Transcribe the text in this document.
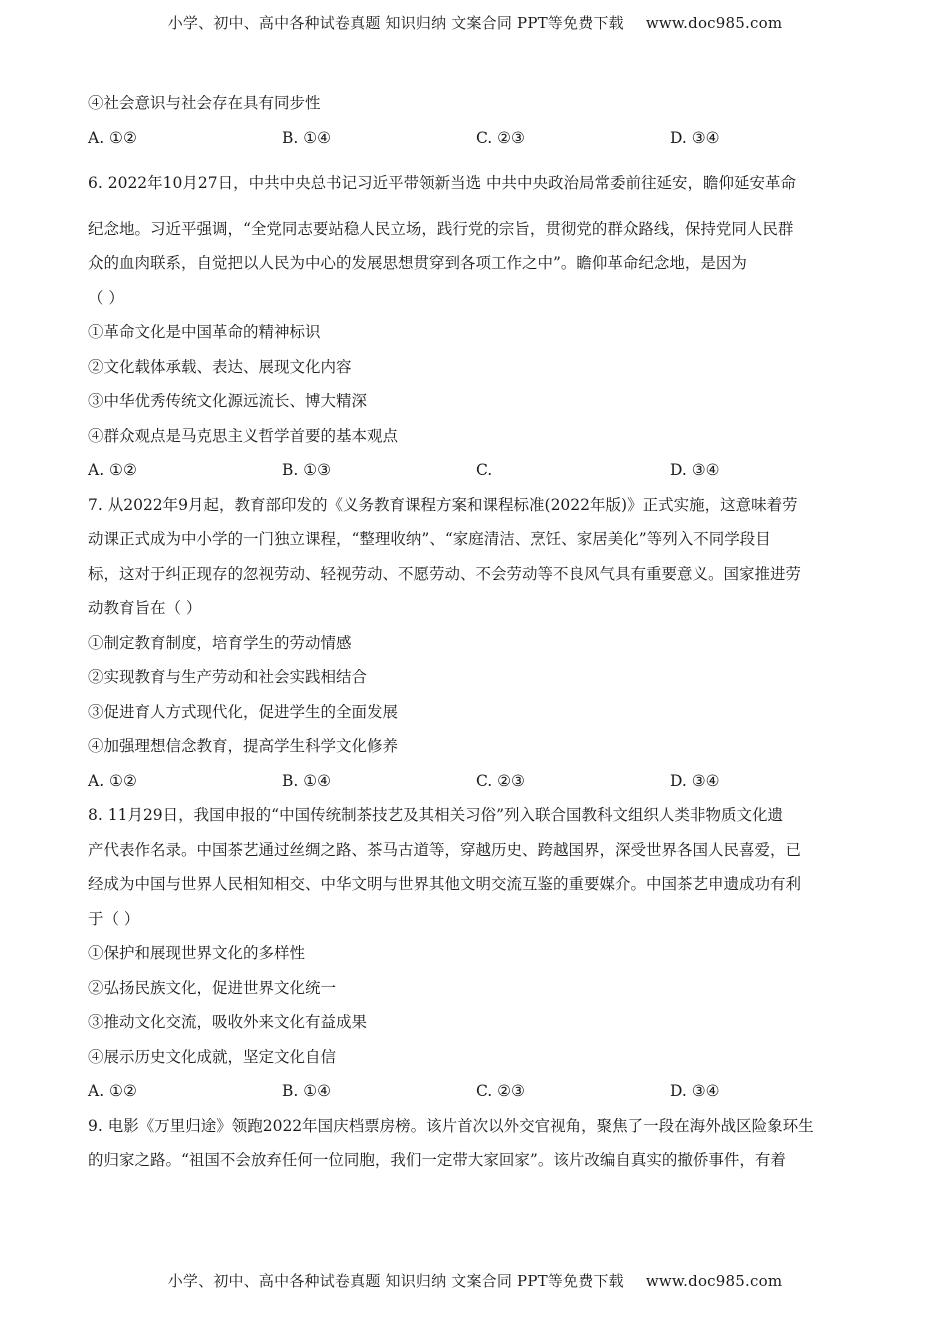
小学、初中、高中各种试卷真题 知识归纳 文案合同 PPT等免费下载 www.doc985.com
④社会意识与社会存在具有同步性
A. ①②	B. ①④	C. ②③	D. ③④
6. 2022年10月27日，中共中央总书记习近平带领新当选 中共中央政治局常委前往延安，瞻仰延安革命
纪念地。习近平强调，“全党同志要站稳人民立场，践行党的宗旨，贯彻党的群众路线，保持党同人民群
众的血肉联系，自觉把以人民为中心的发展思想贯穿到各项工作之中”。瞻仰革命纪念地，是因为
（ ）
①革命文化是中国革命的精神标识
②文化载体承载、表达、展现文化内容
③中华优秀传统文化源远流长、博大精深
④群众观点是马克思主义哲学首要的基本观点
A. ①②	B. ①③	C.	D. ③④
7. 从2022年9月起，教育部印发的《义务教育课程方案和课程标准(2022年版)》正式实施，这意味着劳
动课正式成为中小学的一门独立课程，“整理收纳”、“家庭清洁、烹饪、家居美化”等列入不同学段目
标，这对于纠正现存的忽视劳动、轻视劳动、不愿劳动、不会劳动等不良风气具有重要意义。国家推进劳
动教育旨在（ ）
①制定教育制度，培育学生的劳动情感
②实现教育与生产劳动和社会实践相结合
③促进育人方式现代化，促进学生的全面发展
④加强理想信念教育，提高学生科学文化修养
A. ①②	B. ①④	C. ②③	D. ③④
8. 11月29日，我国申报的“中国传统制茶技艺及其相关习俗”列入联合国教科文组织人类非物质文化遗
产代表作名录。中国茶艺通过丝绸之路、茶马古道等，穿越历史、跨越国界，深受世界各国人民喜爱，已
经成为中国与世界人民相知相交、中华文明与世界其他文明交流互鉴的重要媒介。中国茶艺申遗成功有利
于（ ）
①保护和展现世界文化的多样性
②弘扬民族文化，促进世界文化统一
③推动文化交流，吸收外来文化有益成果
④展示历史文化成就，坚定文化自信
A. ①②	B. ①④	C. ②③	D. ③④
9. 电影《万里归途》领跑2022年国庆档票房榜。该片首次以外交官视角，聚焦了一段在海外战区险象环生
的归家之路。“祖国不会放弃任何一位同胞，我们一定带大家回家”。该片改编自真实的撤侨事件，有着
小学、初中、高中各种试卷真题 知识归纳 文案合同 PPT等免费下载 www.doc985.com
